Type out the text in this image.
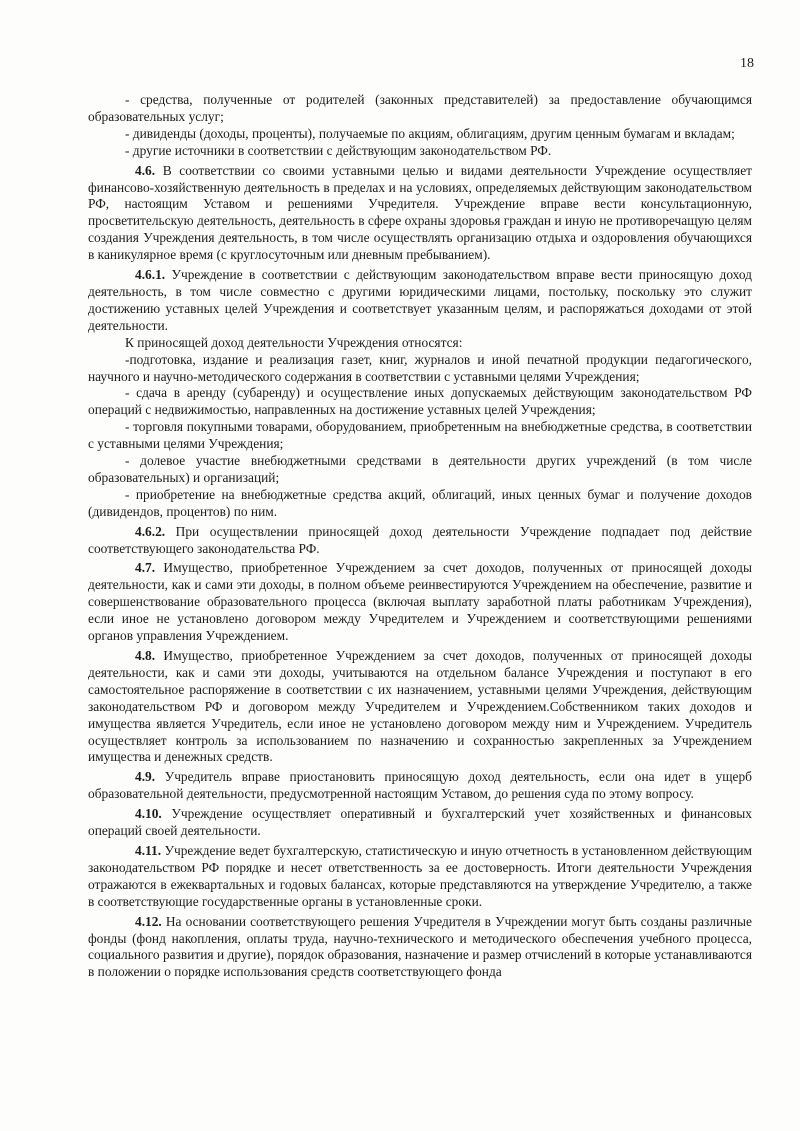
18

- средства, полученные от родителей (законных представителей) за предоставление обучающимся образовательных услуг;

- дивиденды (доходы, проценты), получаемые по акциям, облигациям, другим ценным бумагам и вкладам;

- другие источники в соответствии с действующим законодательством РФ.

4.6. В соответствии со своими уставными целью и видами деятельности Учреждение осуществляет финансово-хозяйственную деятельность в пределах и на условиях, определяемых действующим законодательством РФ, настоящим Уставом и решениями Учредителя. Учреждение вправе вести консультационную, просветительскую деятельность, деятельность в сфере охраны здоровья граждан и иную не противоречащую целям создания Учреждения деятельность, в том числе осуществлять организацию отдыха и оздоровления обучающихся в каникулярное время (с круглосуточным или дневным пребыванием).

4.6.1. Учреждение в соответствии с действующим законодательством вправе вести приносящую доход деятельность, в том числе совместно с другими юридическими лицами, постольку, поскольку это служит достижению уставных целей Учреждения и соответствует указанным целям, и распоряжаться доходами от этой деятельности.

К приносящей доход деятельности Учреждения относятся:

-подготовка, издание и реализация газет, книг, журналов и иной печатной продукции педагогического, научного и научно-методического содержания в соответствии с уставными целями Учреждения;

- сдача в аренду (субаренду) и осуществление иных допускаемых действующим законодательством РФ операций с недвижимостью, направленных на достижение уставных целей Учреждения;

- торговля покупными товарами, оборудованием, приобретенным на внебюджетные средства, в соответствии с уставными целями Учреждения;

- долевое участие внебюджетными средствами в деятельности других учреждений (в том числе образовательных) и организаций;

- приобретение на внебюджетные средства акций, облигаций, иных ценных бумаг и получение доходов (дивидендов, процентов) по ним.

4.6.2. При осуществлении приносящей доход деятельности Учреждение подпадает под действие соответствующего законодательства РФ.

4.7. Имущество, приобретенное Учреждением за счет доходов, полученных от приносящей доходы деятельности, как и сами эти доходы, в полном объеме реинвестируются Учреждением на обеспечение, развитие и совершенствование образовательного процесса (включая выплату заработной платы работникам Учреждения), если иное не установлено договором между Учредителем и Учреждением и соответствующими решениями органов управления Учреждением.

4.8. Имущество, приобретенное Учреждением за счет доходов, полученных от приносящей доходы деятельности, как и сами эти доходы, учитываются на отдельном балансе Учреждения и поступают в его самостоятельное распоряжение в соответствии с их назначением, уставными целями Учреждения, действующим законодательством РФ и договором между Учредителем и Учреждением.Собственником таких доходов и имущества является Учредитель, если иное не установлено договором между ним и Учреждением. Учредитель осуществляет контроль за использованием по назначению и сохранностью закрепленных за Учреждением имущества и денежных средств.

4.9. Учредитель вправе приостановить приносящую доход деятельность, если она идет в ущерб образовательной деятельности, предусмотренной настоящим Уставом, до решения суда по этому вопросу.

4.10. Учреждение осуществляет оперативный и бухгалтерский учет хозяйственных и финансовых операций своей деятельности.

4.11. Учреждение ведет бухгалтерскую, статистическую и иную отчетность в установленном действующим законодательством РФ порядке и несет ответственность за ее достоверность. Итоги деятельности Учреждения отражаются в ежеквартальных и годовых балансах, которые представляются на утверждение Учредителю, а также в соответствующие государственные органы в установленные сроки.

4.12. На основании соответствующего решения Учредителя в Учреждении могут быть созданы различные фонды (фонд накопления, оплаты труда, научно-технического и методического обеспечения учебного процесса, социального развития и другие), порядок образования, назначение и размер отчислений в которые устанавливаются в положении о порядке использования средств соответствующего фонда
